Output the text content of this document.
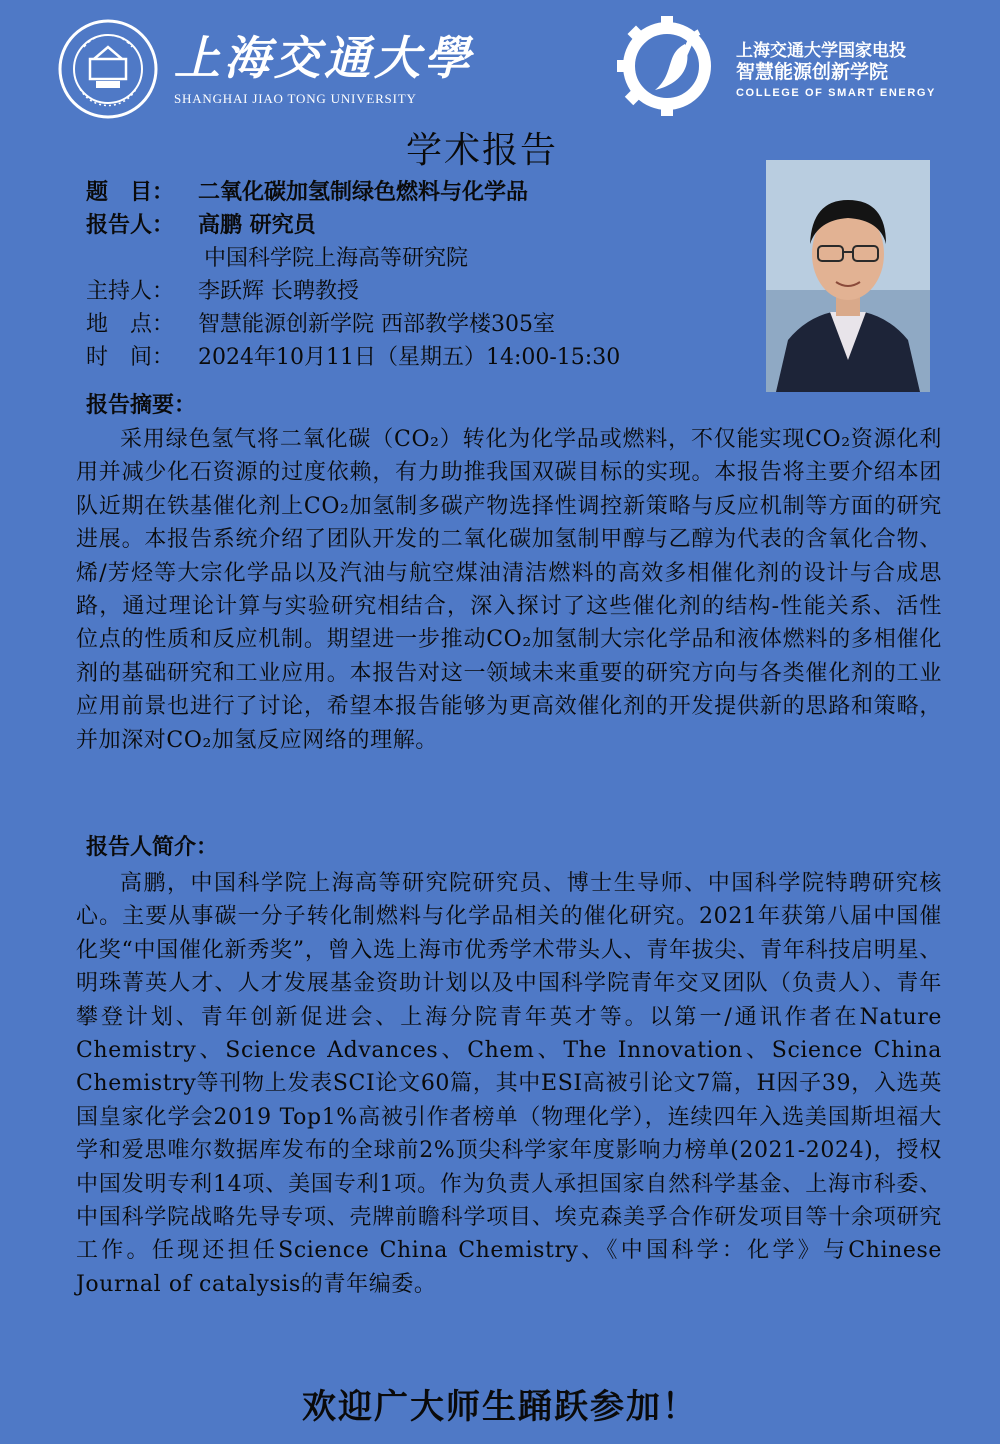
上海交通大學
SHANGHAI JIAO TONG UNIVERSITY
上海交通大学国家电投
智慧能源创新学院
COLLEGE OF SMART ENERGY
学术报告
题　目： 二氧化碳加氢制绿色燃料与化学品
报告人： 高鹏 研究员
中国科学院上海高等研究院
主持人： 李跃辉 长聘教授
地　点： 智慧能源创新学院 西部教学楼305室
时　间： 2024年10月11日（星期五）14:00-15:30
报告摘要：

采用绿色氢气将二氧化碳（CO₂）转化为化学品或燃料，不仅能实现CO₂资源化利用并减少化石资源的过度依赖，有力助推我国双碳目标的实现。本报告将主要介绍本团队近期在铁基催化剂上CO₂加氢制多碳产物选择性调控新策略与反应机制等方面的研究进展。本报告系统介绍了团队开发的二氧化碳加氢制甲醇与乙醇为代表的含氧化合物、烯/芳烃等大宗化学品以及汽油与航空煤油清洁燃料的高效多相催化剂的设计与合成思路，通过理论计算与实验研究相结合，深入探讨了这些催化剂的结构-性能关系、活性位点的性质和反应机制。期望进一步推动CO₂加氢制大宗化学品和液体燃料的多相催化剂的基础研究和工业应用。本报告对这一领域未来重要的研究方向与各类催化剂的工业应用前景也进行了讨论，希望本报告能够为更高效催化剂的开发提供新的思路和策略，并加深对CO₂加氢反应网络的理解。

报告人简介：

高鹏，中国科学院上海高等研究院研究员、博士生导师、中国科学院特聘研究核心。主要从事碳一分子转化制燃料与化学品相关的催化研究。2021年获第八届中国催化奖“中国催化新秀奖”，曾入选上海市优秀学术带头人、青年拔尖、青年科技启明星、明珠菁英人才、人才发展基金资助计划以及中国科学院青年交叉团队（负责人）、青年攀登计划、青年创新促进会、上海分院青年英才等。以第一/通讯作者在Nature Chemistry、Science Advances、Chem、The Innovation、Science China Chemistry等刊物上发表SCI论文60篇，其中ESI高被引论文7篇，H因子39，入选英国皇家化学会2019 Top1%高被引作者榜单（物理化学），连续四年入选美国斯坦福大学和爱思唯尔数据库发布的全球前2%顶尖科学家年度影响力榜单(2021-2024)，授权中国发明专利14项、美国专利1项。作为负责人承担国家自然科学基金、上海市科委、中国科学院战略先导专项、壳牌前瞻科学项目、埃克森美孚合作研发项目等十余项研究工作。任现还担任Science China Chemistry、《中国科学：化学》与Chinese Journal of catalysis的青年编委。

欢迎广大师生踊跃参加！
